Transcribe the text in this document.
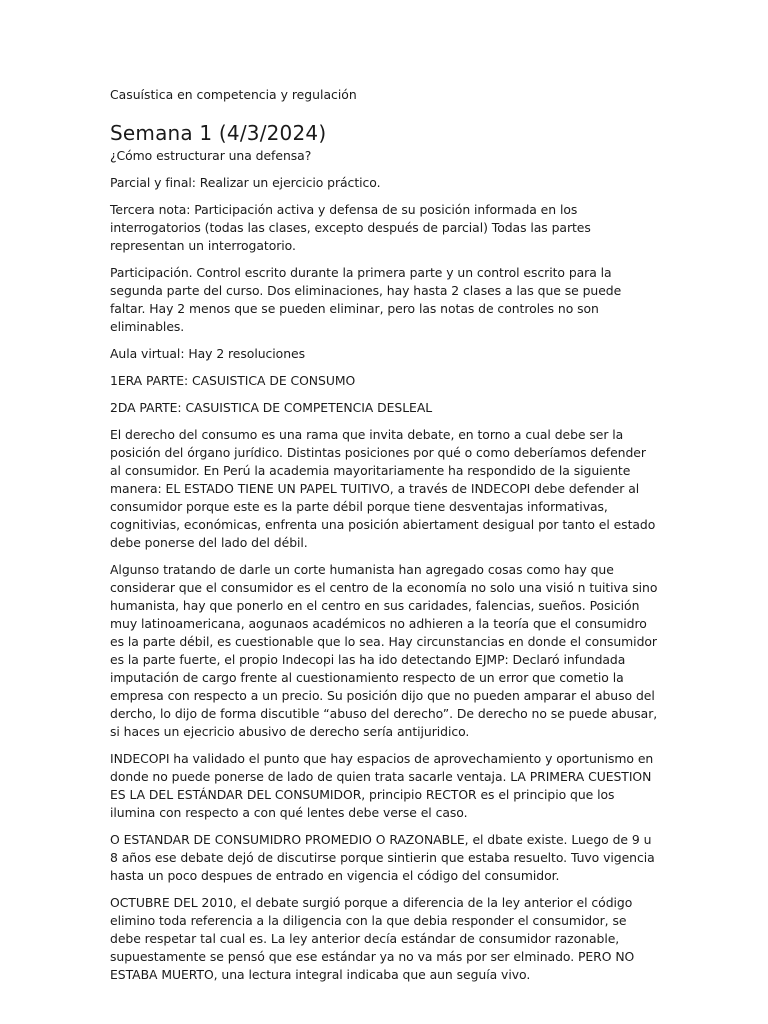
Casuística en competencia y regulación

Semana 1 (4/3/2024)

¿Cómo estructurar una defensa?

Parcial y final: Realizar un ejercicio práctico.

Tercera nota: Participación activa y defensa de su posición informada en los interrogatorios (todas las clases, excepto después de parcial) Todas las partes representan un interrogatorio.

Participación. Control escrito durante la primera parte y un control escrito para la segunda parte del curso. Dos eliminaciones, hay hasta 2 clases a las que se puede faltar. Hay 2 menos que se pueden eliminar, pero las notas de controles no son eliminables.

Aula virtual: Hay 2 resoluciones

1ERA PARTE: CASUISTICA DE CONSUMO

2DA PARTE: CASUISTICA DE COMPETENCIA DESLEAL

El derecho del consumo es una rama que invita debate, en torno a cual debe ser la posición del órgano jurídico. Distintas posiciones por qué o como deberíamos defender al consumidor. En Perú la academia mayoritariamente ha respondido de la siguiente manera: EL ESTADO TIENE UN PAPEL TUITIVO, a través de INDECOPI debe defender al consumidor porque este es la parte débil porque tiene desventajas informativas, cognitivias, económicas, enfrenta una posición abiertament desigual por tanto el estado debe ponerse del lado del débil.

Algunso tratando de darle un corte humanista han agregado cosas como hay que considerar que el consumidor es el centro de la economía no solo una visió n tuitiva sino humanista, hay que ponerlo en el centro en sus caridades, falencias, sueños. Posición muy latinoamericana, aogunaos académicos no adhieren a la teoría que el consumidro es la parte débil, es cuestionable que lo sea. Hay circunstancias en donde el consumidor es la parte fuerte, el propio Indecopi las ha ido detectando EJMP: Declaró infundada imputación de cargo frente al cuestionamiento respecto de un error que cometio la empresa con respecto a un precio. Su posición dijo que no pueden amparar el abuso del dercho, lo dijo de forma discutible “abuso del derecho”. De derecho no se puede abusar, si haces un ejecricio abusivo de derecho sería antijuridico.

INDECOPI ha validado el punto que hay espacios de aprovechamiento y oportunismo en donde no puede ponerse de lado de quien trata sacarle ventaja. LA PRIMERA CUESTION ES LA DEL ESTÁNDAR DEL CONSUMIDOR, principio RECTOR es el principio que los ilumina con respecto a con qué lentes debe verse el caso.

O ESTANDAR DE CONSUMIDRO PROMEDIO O RAZONABLE, el dbate existe. Luego de 9 u 8 años ese debate dejó de discutirse porque sintierin que estaba resuelto. Tuvo vigencia hasta un poco despues de entrado en vigencia el código del consumidor.

OCTUBRE DEL 2010, el debate surgió porque a diferencia de la ley anterior el código elimino toda referencia a la diligencia con la que debia responder el consumidor, se debe respetar tal cual es. La ley anterior decía estándar de consumidor razonable, supuestamente se pensó que ese estándar ya no va más por ser elminado. PERO NO ESTABA MUERTO, una lectura integral indicaba que aun seguía vivo.
